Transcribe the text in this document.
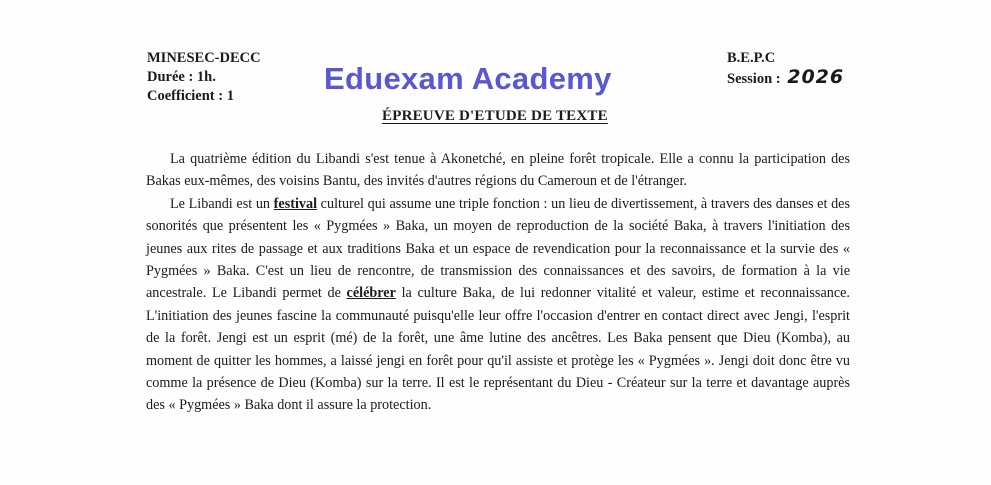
MINESEC-DECC
Durée : 1h.
Coefficient : 1	Eduexam Academy
B.E.P.C
Session : 2026
ÉPREUVE D'ETUDE DE TEXTE

La quatrième édition du Libandi s'est tenue à Akonetché, en pleine forêt tropicale. Elle a connu la participation des Bakas eux-mêmes, des voisins Bantu, des invités d'autres régions du Cameroun et de l'étranger.

Le Libandi est un festival culturel qui assume une triple fonction : un lieu de divertissement, à travers des danses et des sonorités que présentent les « Pygmées » Baka, un moyen de reproduction de la société Baka, à travers l'initiation des jeunes aux rites de passage et aux traditions Baka et un espace de revendication pour la reconnaissance et la survie des « Pygmées » Baka. C'est un lieu de rencontre, de transmission des connaissances et des savoirs, de formation à la vie ancestrale. Le Libandi permet de célébrer la culture Baka, de lui redonner vitalité et valeur, estime et reconnaissance. L'initiation des jeunes fascine la communauté puisqu'elle leur offre l'occasion d'entrer en contact direct avec Jengi, l'esprit de la forêt. Jengi est un esprit (mé) de la forêt, une âme lutine des ancêtres. Les Baka pensent que Dieu (Komba), au moment de quitter les hommes, a laissé jengi en forêt pour qu'il assiste et protège les « Pygmées ». Jengi doit donc être vu comme la présence de Dieu (Komba) sur la terre. Il est le représentant du Dieu - Créateur sur la terre et davantage auprès des « Pygmées » Baka dont il assure la protection.
